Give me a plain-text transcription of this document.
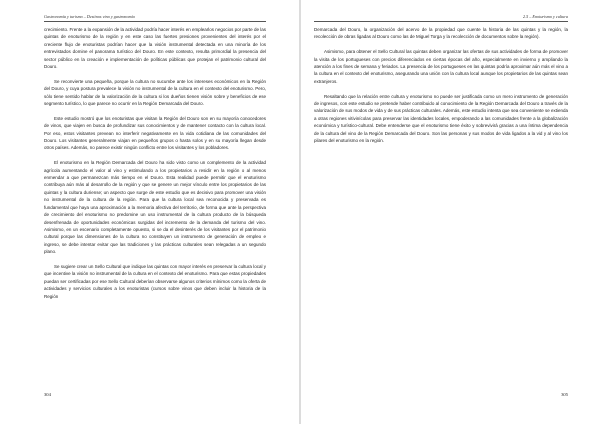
Gastronomía y turismo – Destinos vino y gastronomía

crecimiento. Frente a la expansión de la actividad podría hacer interés en emplearlos negocios por parte de las quintas de enoturismo de la región y en este caso las fuertes presiones provenientes del interés por el creciente flujo de enoturistas podrían hacer que la visión instrumental detectada en una minoría de los entrevistados domine el panorama turístico del Douro. En este contexto, resulta primordial la presencia del sector público en la creación e implementación de políticas públicas que protejan el patrimonio cultural del Douro.

Se reconvierte una pequeña, porque la cultura no sucumbe ante los intereses económicos en la Región del Douro, y cuya postura prevalece la visión no instrumental de la cultura en el contexto del enoturismo. Pero, sólo tiene sentido hablar de la valorización de la cultura si los dueños tienen visión sobre y beneficios de ese segmento turístico, lo que parece no ocurrir en la Región Demarcada del Douro.

Este estudio mostró que los enoturistas que visitan la Región del Douro son en su mayoría conocedores de vinos, que viajen en busca de profundizar sus conocimientos y de mantener contacto con la cultura local. Por eso, estos visitantes prevean no interferir negativamente en la vida cotidiana de las comunidades del Douro. Los visitantes generalmente viajan en pequeños grupos o hasta solos y en su mayoría llegan desde otros países. Además, no parece existir ningún conflicto entre los visitantes y los pobladores.

El enoturismo en la Región Demarcada del Douro ha sido visto como un complemento de la actividad agrícola aumentando el valor al vino y estimulando a los propietarios a residir en la región o al menos enmendar a que permanezcan más tiempo en el Douro. Esta realidad puede permitir que el enoturismo contribuya aún más al desarrollo de la región y que se genere un mejor vínculo entre los propietarios de las quintas y la cultura duriense; un aspecto que surge de este estudio que es decisivo para promover una visión no instrumental de la cultura de la región. Para que la cultura local sea reconocida y preservada es fundamental que haya una aproximación a la memoria afectiva del territorio, de forma que ante la perspectiva de crecimiento del enoturismo no predomine un uso instrumental de la cultura producto de la búsqueda desenfrenada de oportunidades económicas surgidas del incremento de la demanda del turismo del vino. Asimismo, en un escenario completamente opuesto, si se da el desinterés de los visitantes por el patrimonio cultural porque las dimensiones de la cultura no constituyen un instrumento de generación de empleo e ingreso, se debe intentar evitar que las tradiciones y las prácticas culturales sean relegadas a un segundo plano.

Se sugiere crear un Sello Cultural que indique las quintas con mayor interés en preservar la cultura local y que incentive la visión no instrumental de la cultura en el contexto del enoturismo. Para que estas propiedades puedan ser certificadas por ese Sello Cultural deberían observarse algunos criterios mínimos como la oferta de actividades y servicios culturales a los enoturistas (cursos sobre vinos que deben incluir la historia de la Región

304
2.5 – Enoturismo y cultura

Demarcada del Douro, la organización del acervo de la propiedad que cuente la historia de las quintas y la región, la recolección de obras ligadas al Douro como las de Miguel Torga y la recolección de documentos sobre la región).

Asimismo, para obtener el Sello Cultural las quintas deben organizar las ofertas de sus actividades de forma de promover la visita de los portugueses con precios diferenciados en ciertas épocas del año, especialmente en invierno y ampliando la atención a los fines de semana y feriados. La presencia de los portugueses en las quintas podría aproximar aún más el vino a la cultura en el contexto del enoturismo, asegurando una unión con la cultura local aunque los propietarios de las quintas sean extranjeros.

Resaltando que la relación entre cultura y enoturismo no puede ser justificada como un mero instrumento de generación de ingresos, con este estudio se pretende haber contribuido al conocimiento de la Región Demarcada del Douro a través de la valorización de sus modos de vida y de sus prácticas culturales. Además, este estudio intenta que sea conveniente se extienda a otras regiones vitivinícolas para preservar las identidades locales, empoderando a las comunidades frente a la globalización económica y turístico-cultural. Debe entenderse que el enoturismo tiene éxito y sobrevivirá gracias a una íntima dependencia de la cultura del vino de la Región Demarcada del Douro. Son las personas y sus modos de vida ligados a la vid y al vino los pilares del enoturismo en la región.

305
